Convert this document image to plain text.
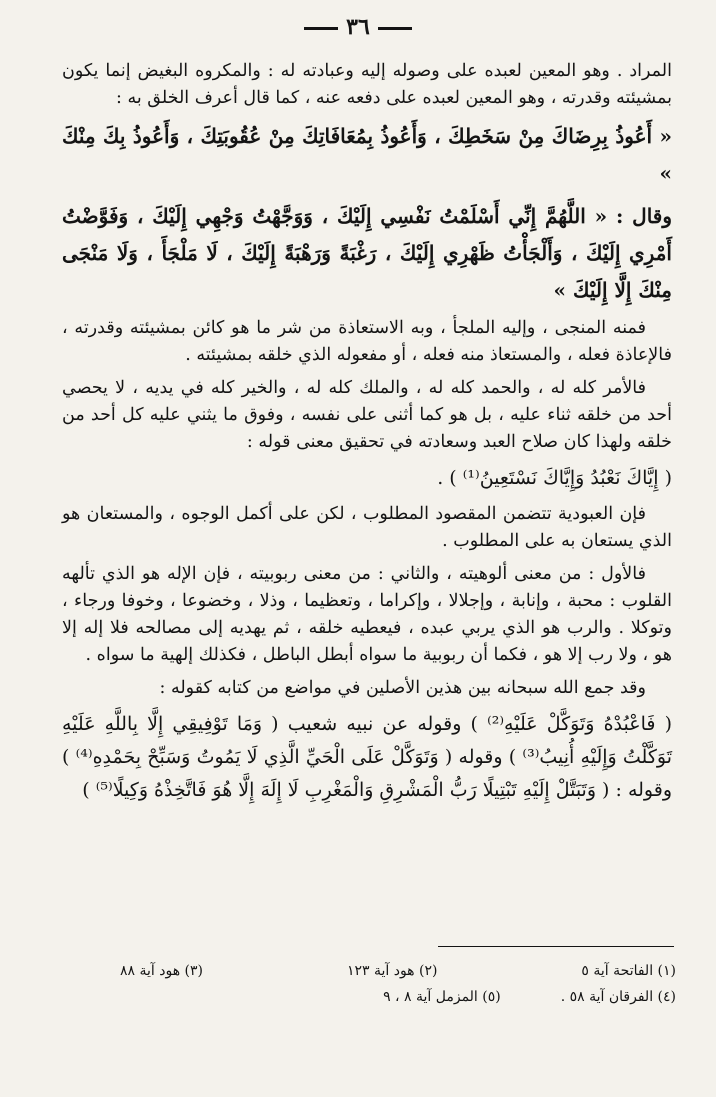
٣٦

المراد . وهو المعين لعبده على وصوله إليه وعبادته له : والمكروه البغيض إنما يكون بمشيئته وقدرته ، وهو المعين لعبده على دفعه عنه ، كما قال أعرف الخلق به :

« أَعُوذُ بِرِضَاكَ مِنْ سَخَطِكَ ، وَأَعُوذُ بِمُعَافَاتِكَ مِنْ عُقُوبَتِكَ ، وَأَعُوذُ بِكَ مِنْكَ »

وقال : « اللَّهُمَّ إِنِّي أَسْلَمْتُ نَفْسِي إِلَيْكَ ، وَوَجَّهْتُ وَجْهِي إِلَيْكَ ، وَفَوَّضْتُ أَمْرِي إِلَيْكَ ، وَأَلْجَأْتُ ظَهْرِي إِلَيْكَ ، رَغْبَةً وَرَهْبَةً إِلَيْكَ ، لَا مَلْجَأَ ، وَلَا مَنْجَى مِنْكَ إِلَّا إِلَيْكَ »

فمنه المنجى ، وإليه الملجأ ، وبه الاستعاذة من شر ما هو كائن بمشيئته وقدرته ، فالإعاذة فعله ، والمستعاذ منه فعله ، أو مفعوله الذي خلقه بمشيئته .

فالأمر كله له ، والحمد كله له ، والملك كله له ، والخير كله في يديه ، لا يحصي أحد من خلقه ثناء عليه ، بل هو كما أثنى على نفسه ، وفوق ما يثني عليه كل أحد من خلقه ولهذا كان صلاح العبد وسعادته في تحقيق معنى قوله :

( إِيَّاكَ نَعْبُدُ وَإِيَّاكَ نَسْتَعِينُ⁽¹⁾ ) .

فإن العبودية تتضمن المقصود المطلوب ، لكن على أكمل الوجوه ، والمستعان هو الذي يستعان به على المطلوب .

فالأول : من معنى ألوهيته ، والثاني : من معنى ربوبيته ، فإن الإله هو الذي تألهه القلوب : محبة ، وإنابة ، وإجلالا ، وإكراما ، وتعظيما ، وذلا ، وخضوعا ، وخوفا ورجاء ، وتوكلا . والرب هو الذي يربي عبده ، فيعطيه خلقه ، ثم يهديه إلى مصالحه فلا إله إلا هو ، ولا رب إلا هو ، فكما أن ربوبية ما سواه أبطل الباطل ، فكذلك إلهية ما سواه .

وقد جمع الله سبحانه بين هذين الأصلين في مواضع من كتابه كقوله :

( فَاعْبُدْهُ وَتَوَكَّلْ عَلَيْهِ⁽²⁾ ) وقوله عن نبيه شعيب ( وَمَا تَوْفِيقِي إِلَّا بِاللَّهِ عَلَيْهِ تَوَكَّلْتُ وَإِلَيْهِ أُنِيبُ⁽³⁾ ) وقوله ( وَتَوَكَّلْ عَلَى الْحَيِّ الَّذِي لَا يَمُوتُ وَسَبِّحْ بِحَمْدِهِ⁽⁴⁾ ) وقوله : ( وَتَبَتَّلْ إِلَيْهِ تَبْتِيلًا رَبُّ الْمَشْرِقِ وَالْمَغْرِبِ لَا إِلَهَ إِلَّا هُوَ فَاتَّخِذْهُ وَكِيلًا⁽⁵⁾ )

(١) الفاتحة آية ٥
(٢) هود آية ١٢٣
(٣) هود آية ٨٨
(٤) الفرقان آية ٥٨ .
(٥) المزمل آية ٨ ، ٩
